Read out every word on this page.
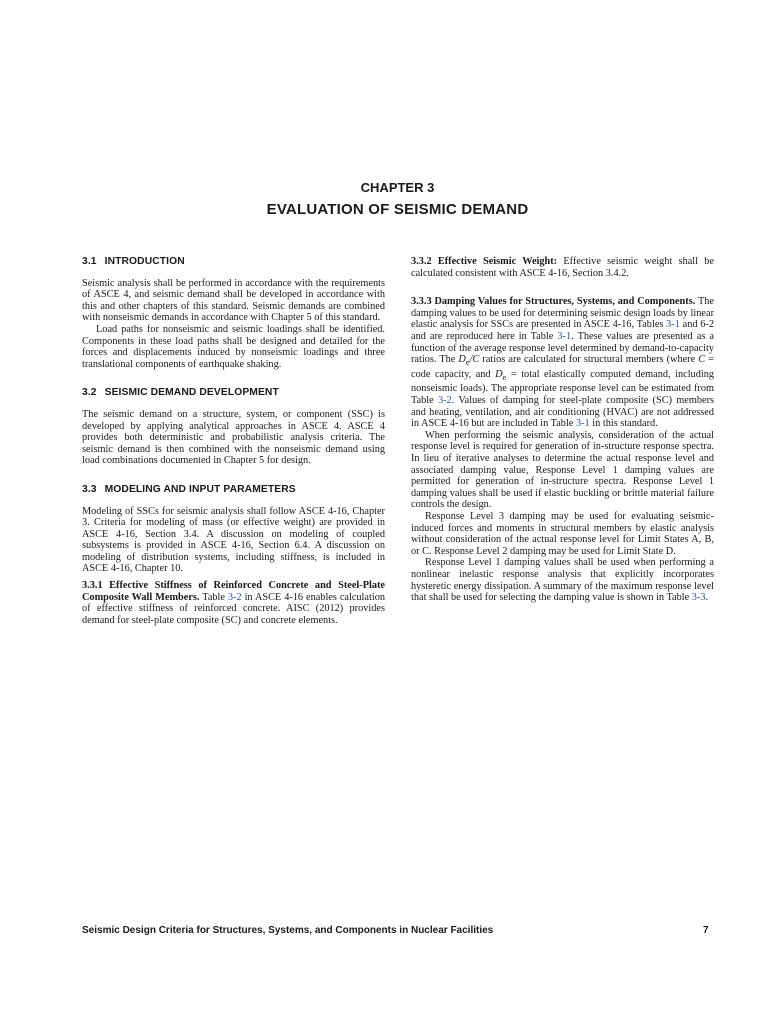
CHAPTER 3
EVALUATION OF SEISMIC DEMAND
3.1 INTRODUCTION

Seismic analysis shall be performed in accordance with the requirements of ASCE 4, and seismic demand shall be developed in accordance with this and other chapters of this standard. Seismic demands are combined with nonseismic demands in accordance with Chapter 5 of this standard.

Load paths for nonseismic and seismic loadings shall be identified. Components in these load paths shall be designed and detailed for the forces and displacements induced by nonseismic loadings and three translational components of earthquake shaking.

3.2 SEISMIC DEMAND DEVELOPMENT

The seismic demand on a structure, system, or component (SSC) is developed by applying analytical approaches in ASCE 4. ASCE 4 provides both deterministic and probabilistic analysis criteria. The seismic demand is then combined with the nonseismic demand using load combinations documented in Chapter 5 for design.

3.3 MODELING AND INPUT PARAMETERS

Modeling of SSCs for seismic analysis shall follow ASCE 4-16, Chapter 3. Criteria for modeling of mass (or effective weight) are provided in ASCE 4-16, Section 3.4. A discussion on modeling of coupled subsystems is provided in ASCE 4-16, Section 6.4. A discussion on modeling of distribution systems, including stiffness, is included in ASCE 4-16, Chapter 10.

3.3.1 Effective Stiffness of Reinforced Concrete and Steel-Plate Composite Wall Members. Table 3-2 in ASCE 4-16 enables calculation of effective stiffness of reinforced concrete. AISC (2012) provides demand for steel-plate composite (SC) and concrete elements.

3.3.2 Effective Seismic Weight: Effective seismic weight shall be calculated consistent with ASCE 4-16, Section 3.4.2.

3.3.3 Damping Values for Structures, Systems, and Components. The damping values to be used for determining seismic design loads by linear elastic analysis for SSCs are presented in ASCE 4-16, Tables 3-1 and 6-2 and are reproduced here in Table 3-1. These values are presented as a function of the average response level determined by demand-to-capacity ratios. The $D_e/C$ ratios are calculated for structural members (where C = code capacity, and $D_e$ = total elastically computed demand, including nonseismic loads). The appropriate response level can be estimated from Table 3-2. Values of damping for steel-plate composite (SC) members and heating, ventilation, and air conditioning (HVAC) are not addressed in ASCE 4-16 but are included in Table 3-1 in this standard.

When performing the seismic analysis, consideration of the actual response level is required for generation of in-structure response spectra. In lieu of iterative analyses to determine the actual response level and associated damping value, Response Level 1 damping values are permitted for generation of in-structure spectra. Response Level 1 damping values shall be used if elastic buckling or brittle material failure controls the design.

Response Level 3 damping may be used for evaluating seismic-induced forces and moments in structural members by elastic analysis without consideration of the actual response level for Limit States A, B, or C. Response Level 2 damping may be used for Limit State D.

Response Level 1 damping values shall be used when performing a nonlinear inelastic response analysis that explicitly incorporates hysteretic energy dissipation. A summary of the maximum response level that shall be used for selecting the damping value is shown in Table 3-3.

Seismic Design Criteria for Structures, Systems, and Components in Nuclear Facilities	7
